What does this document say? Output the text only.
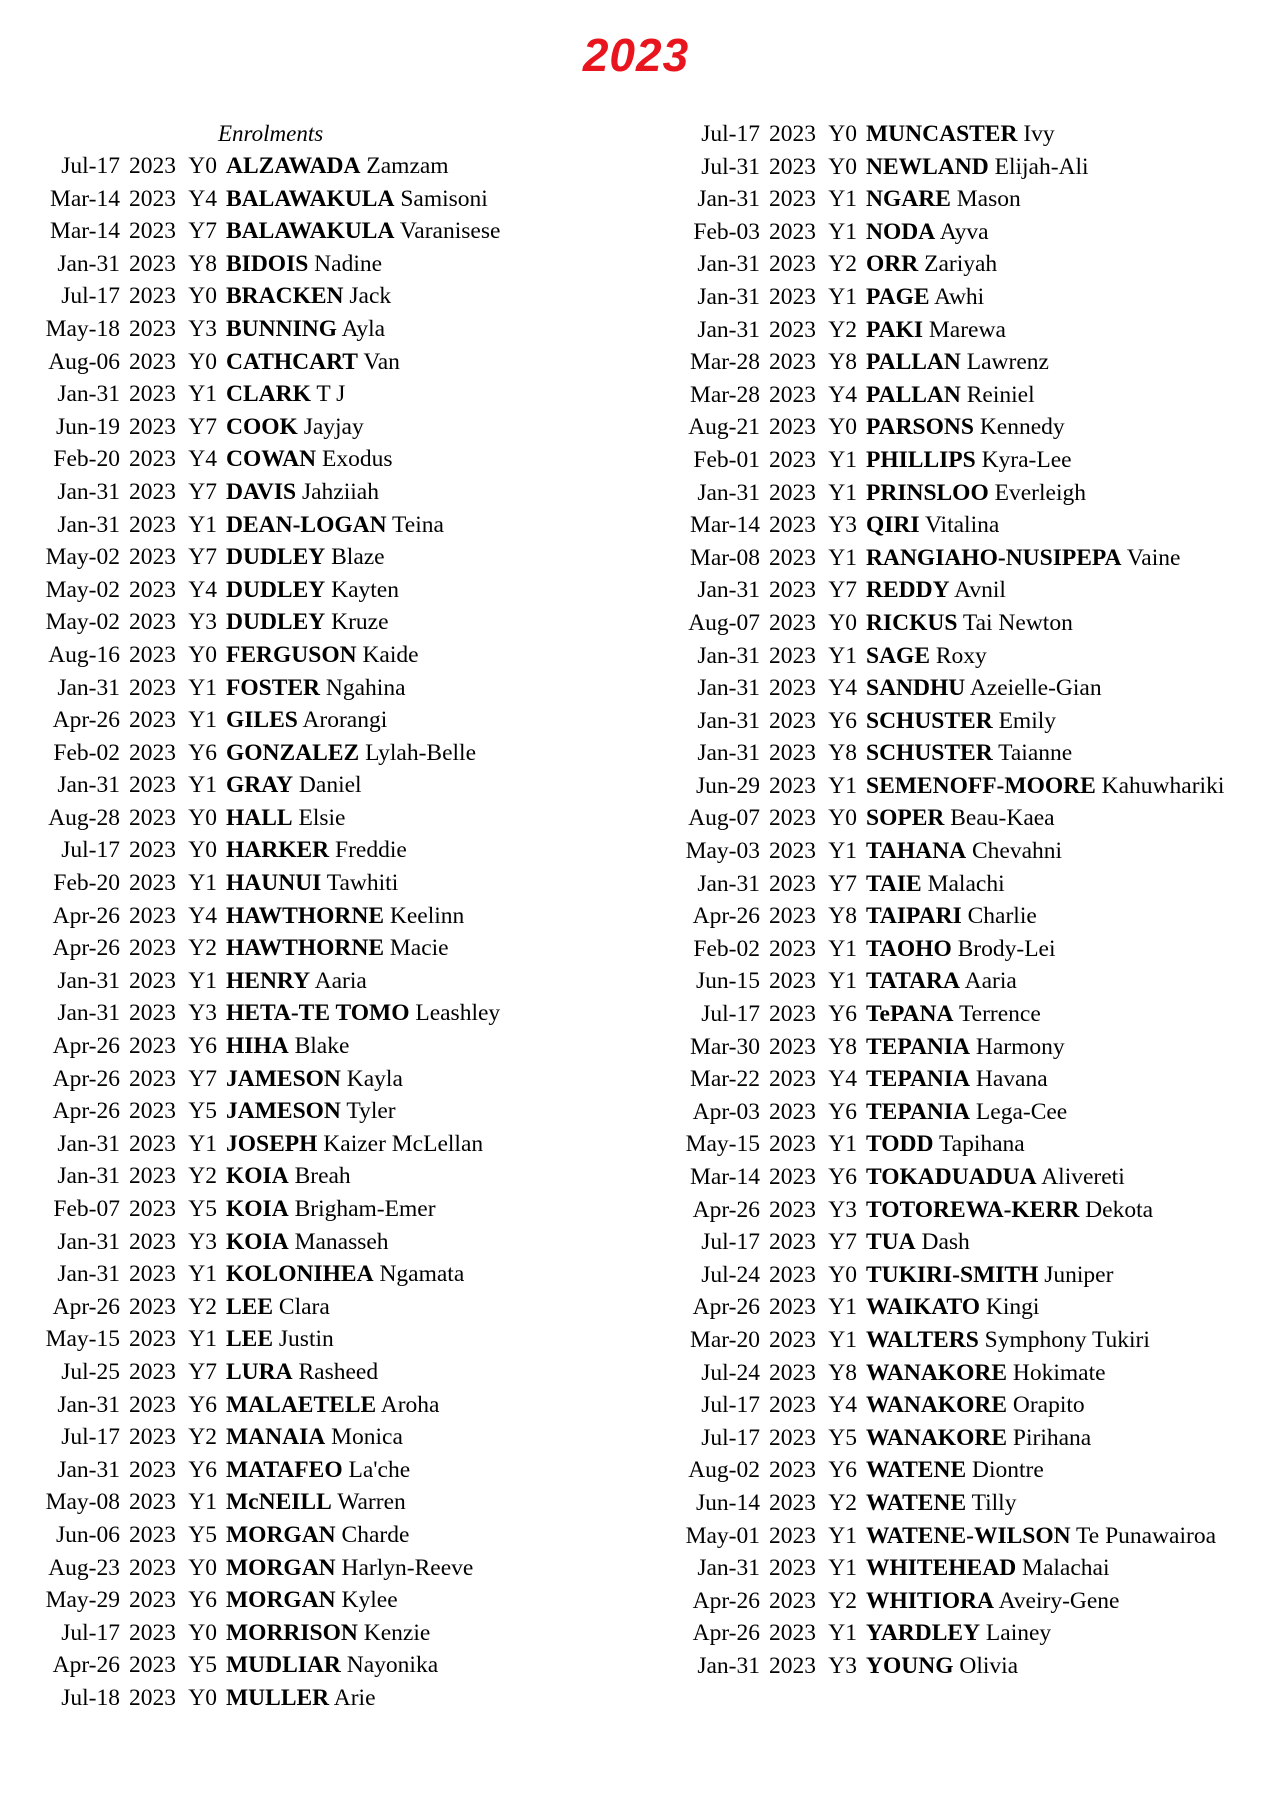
2023
Enrolments
Jul-17 2023 Y0 ALZAWADA Zamzam
Mar-14 2023 Y4 BALAWAKULA Samisoni
Mar-14 2023 Y7 BALAWAKULA Varanisese
Jan-31 2023 Y8 BIDOIS Nadine
Jul-17 2023 Y0 BRACKEN Jack
May-18 2023 Y3 BUNNING Ayla
Aug-06 2023 Y0 CATHCART Van
Jan-31 2023 Y1 CLARK T J
Jun-19 2023 Y7 COOK Jayjay
Feb-20 2023 Y4 COWAN Exodus
Jan-31 2023 Y7 DAVIS Jahziiah
Jan-31 2023 Y1 DEAN-LOGAN Teina
May-02 2023 Y7 DUDLEY Blaze
May-02 2023 Y4 DUDLEY Kayten
May-02 2023 Y3 DUDLEY Kruze
Aug-16 2023 Y0 FERGUSON Kaide
Jan-31 2023 Y1 FOSTER Ngahina
Apr-26 2023 Y1 GILES Arorangi
Feb-02 2023 Y6 GONZALEZ Lylah-Belle
Jan-31 2023 Y1 GRAY Daniel
Aug-28 2023 Y0 HALL Elsie
Jul-17 2023 Y0 HARKER Freddie
Feb-20 2023 Y1 HAUNUI Tawhiti
Apr-26 2023 Y4 HAWTHORNE Keelinn
Apr-26 2023 Y2 HAWTHORNE Macie
Jan-31 2023 Y1 HENRY Aaria
Jan-31 2023 Y3 HETA-TE TOMO Leashley
Apr-26 2023 Y6 HIHA Blake
Apr-26 2023 Y7 JAMESON Kayla
Apr-26 2023 Y5 JAMESON Tyler
Jan-31 2023 Y1 JOSEPH Kaizer McLellan
Jan-31 2023 Y2 KOIA Breah
Feb-07 2023 Y5 KOIA Brigham-Emer
Jan-31 2023 Y3 KOIA Manasseh
Jan-31 2023 Y1 KOLONIHEA Ngamata
Apr-26 2023 Y2 LEE Clara
May-15 2023 Y1 LEE Justin
Jul-25 2023 Y7 LURA Rasheed
Jan-31 2023 Y6 MALAETELE Aroha
Jul-17 2023 Y2 MANAIA Monica
Jan-31 2023 Y6 MATAFEO La'che
May-08 2023 Y1 McNEILL Warren
Jun-06 2023 Y5 MORGAN Charde
Aug-23 2023 Y0 MORGAN Harlyn-Reeve
May-29 2023 Y6 MORGAN Kylee
Jul-17 2023 Y0 MORRISON Kenzie
Apr-26 2023 Y5 MUDLIAR Nayonika
Jul-18 2023 Y0 MULLER Arie
Jul-17 2023 Y0 MUNCASTER Ivy
Jul-31 2023 Y0 NEWLAND Elijah-Ali
Jan-31 2023 Y1 NGARE Mason
Feb-03 2023 Y1 NODA Ayva
Jan-31 2023 Y2 ORR Zariyah
Jan-31 2023 Y1 PAGE Awhi
Jan-31 2023 Y2 PAKI Marewa
Mar-28 2023 Y8 PALLAN Lawrenz
Mar-28 2023 Y4 PALLAN Reiniel
Aug-21 2023 Y0 PARSONS Kennedy
Feb-01 2023 Y1 PHILLIPS Kyra-Lee
Jan-31 2023 Y1 PRINSLOO Everleigh
Mar-14 2023 Y3 QIRI Vitalina
Mar-08 2023 Y1 RANGIAHO-NUSIPEPA Vaine
Jan-31 2023 Y7 REDDY Avnil
Aug-07 2023 Y0 RICKUS Tai Newton
Jan-31 2023 Y1 SAGE Roxy
Jan-31 2023 Y4 SANDHU Azeielle-Gian
Jan-31 2023 Y6 SCHUSTER Emily
Jan-31 2023 Y8 SCHUSTER Taianne
Jun-29 2023 Y1 SEMENOFF-MOORE Kahuwhariki
Aug-07 2023 Y0 SOPER Beau-Kaea
May-03 2023 Y1 TAHANA Chevahni
Jan-31 2023 Y7 TAIE Malachi
Apr-26 2023 Y8 TAIPARI Charlie
Feb-02 2023 Y1 TAOHO Brody-Lei
Jun-15 2023 Y1 TATARA Aaria
Jul-17 2023 Y6 TePANA Terrence
Mar-30 2023 Y8 TEPANIA Harmony
Mar-22 2023 Y4 TEPANIA Havana
Apr-03 2023 Y6 TEPANIA Lega-Cee
May-15 2023 Y1 TODD Tapihana
Mar-14 2023 Y6 TOKADUADUA Alivereti
Apr-26 2023 Y3 TOTOREWA-KERR Dekota
Jul-17 2023 Y7 TUA Dash
Jul-24 2023 Y0 TUKIRI-SMITH Juniper
Apr-26 2023 Y1 WAIKATO Kingi
Mar-20 2023 Y1 WALTERS Symphony Tukiri
Jul-24 2023 Y8 WANAKORE Hokimate
Jul-17 2023 Y4 WANAKORE Orapito
Jul-17 2023 Y5 WANAKORE Pirihana
Aug-02 2023 Y6 WATENE Diontre
Jun-14 2023 Y2 WATENE Tilly
May-01 2023 Y1 WATENE-WILSON Te Punawairoa
Jan-31 2023 Y1 WHITEHEAD Malachai
Apr-26 2023 Y2 WHITIORA Aveiry-Gene
Apr-26 2023 Y1 YARDLEY Lainey
Jan-31 2023 Y3 YOUNG Olivia
